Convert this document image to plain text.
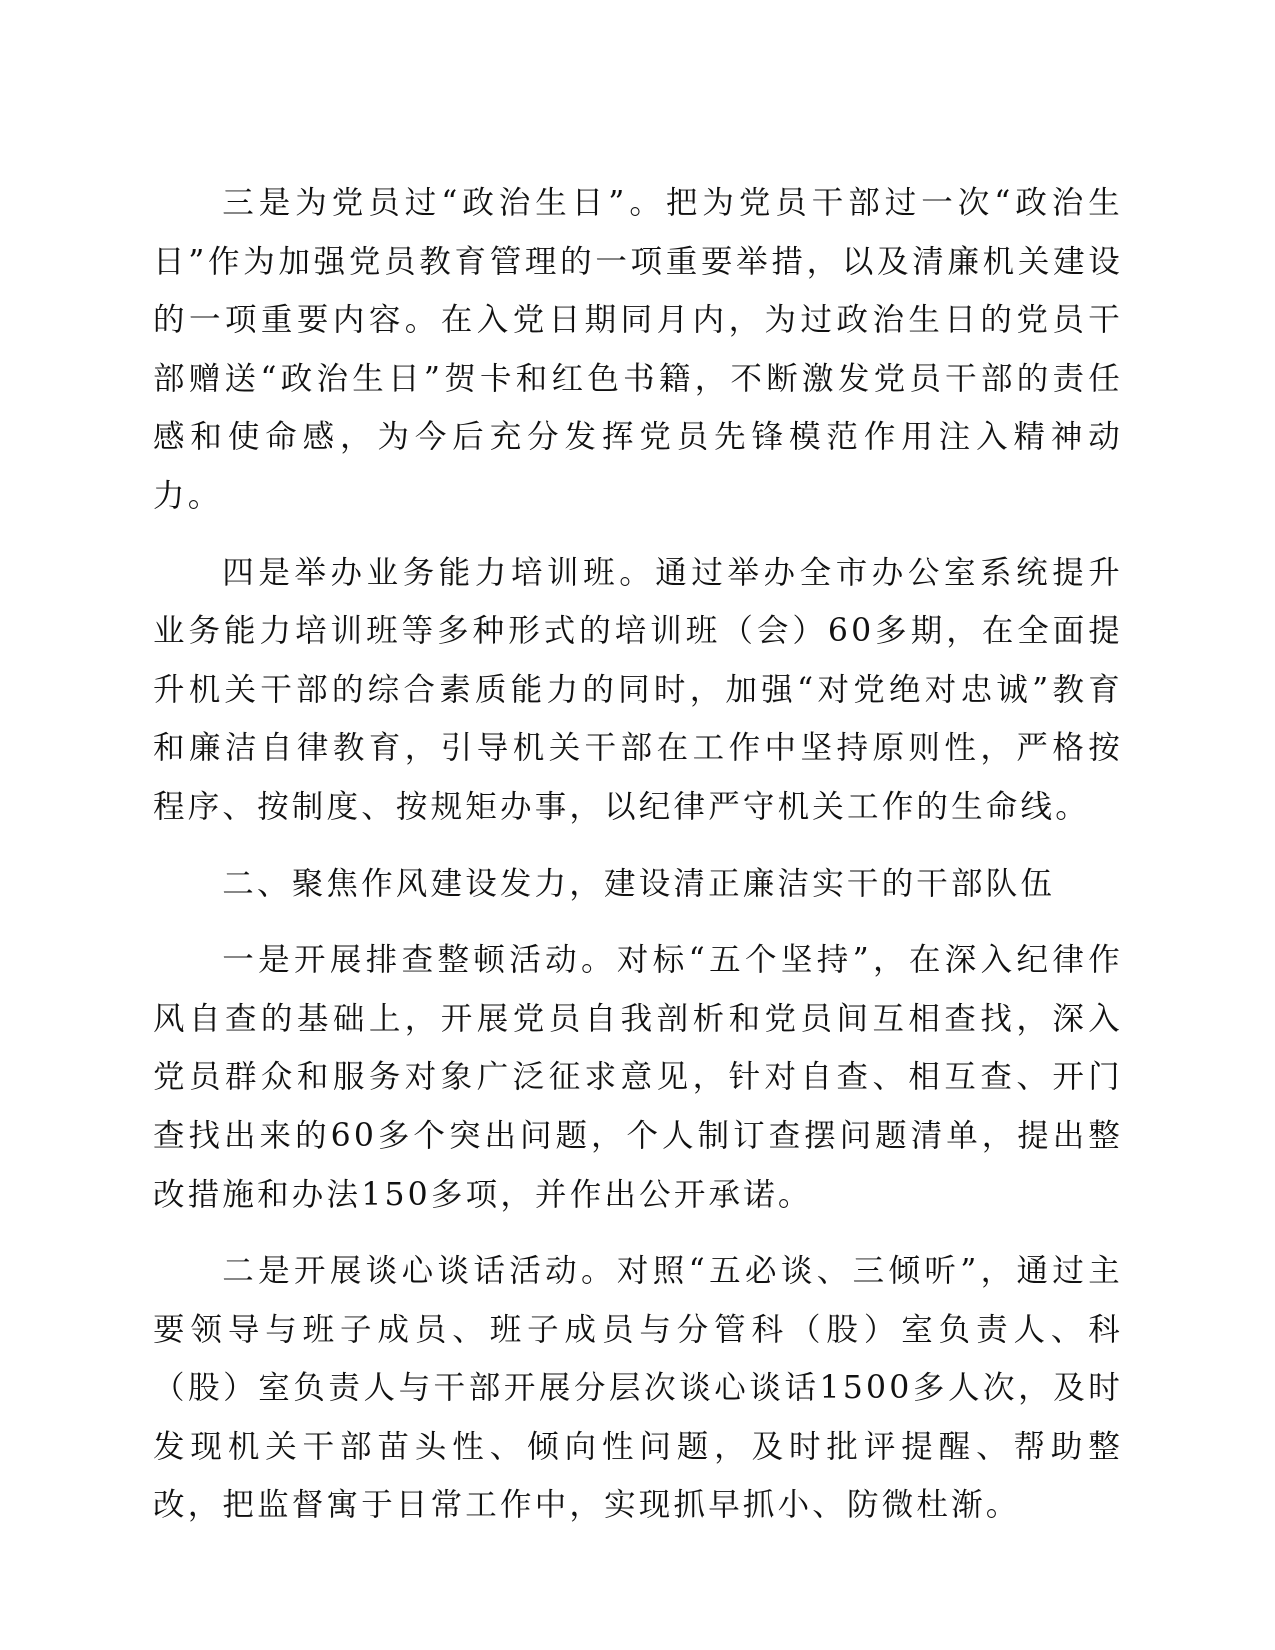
三是为党员过“政治生日”。把为党员干部过一次“政治生日”作为加强党员教育管理的一项重要举措，以及清廉机关建设的一项重要内容。在入党日期同月内，为过政治生日的党员干部赠送“政治生日”贺卡和红色书籍，不断激发党员干部的责任感和使命感，为今后充分发挥党员先锋模范作用注入精神动力。

四是举办业务能力培训班。通过举办全市办公室系统提升业务能力培训班等多种形式的培训班（会）60多期，在全面提升机关干部的综合素质能力的同时，加强“对党绝对忠诚”教育和廉洁自律教育，引导机关干部在工作中坚持原则性，严格按程序、按制度、按规矩办事，以纪律严守机关工作的生命线。

二、聚焦作风建设发力，建设清正廉洁实干的干部队伍

一是开展排查整顿活动。对标“五个坚持”，在深入纪律作风自查的基础上，开展党员自我剖析和党员间互相查找，深入党员群众和服务对象广泛征求意见，针对自查、相互查、开门查找出来的60多个突出问题，个人制订查摆问题清单，提出整改措施和办法150多项，并作出公开承诺。

二是开展谈心谈话活动。对照“五必谈、三倾听”，通过主要领导与班子成员、班子成员与分管科（股）室负责人、科（股）室负责人与干部开展分层次谈心谈话1500多人次，及时发现机关干部苗头性、倾向性问题，及时批评提醒、帮助整改，把监督寓于日常工作中，实现抓早抓小、防微杜渐。
